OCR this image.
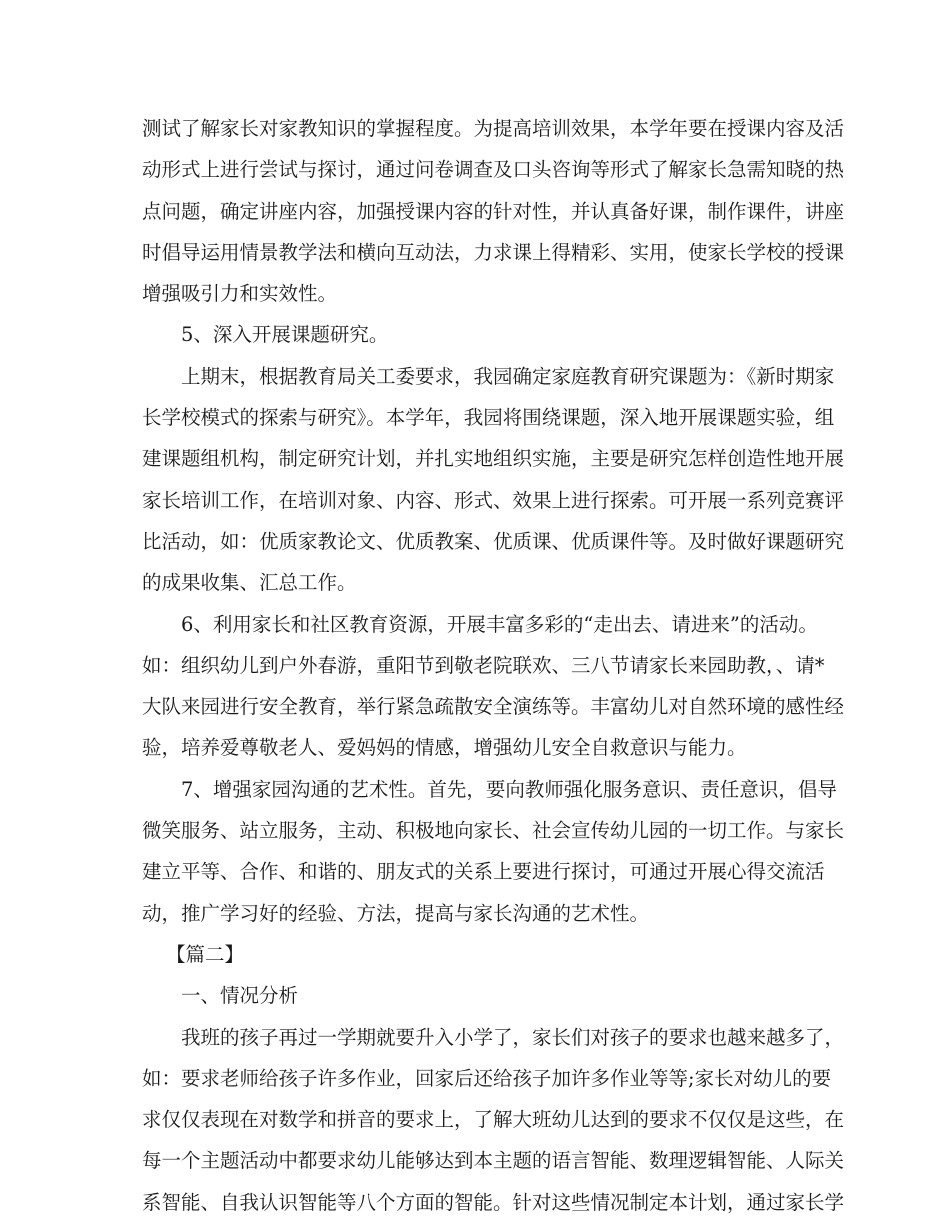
测试了解家长对家教知识的掌握程度。为提高培训效果，本学年要在授课内容及活
动形式上进行尝试与探讨，通过问卷调查及口头咨询等形式了解家长急需知晓的热
点问题，确定讲座内容，加强授课内容的针对性，并认真备好课，制作课件，讲座
时倡导运用情景教学法和横向互动法，力求课上得精彩、实用，使家长学校的授课
增强吸引力和实效性。
5、深入开展课题研究。
上期末，根据教育局关工委要求，我园确定家庭教育研究课题为：《新时期家
长学校模式的探索与研究》。本学年，我园将围绕课题，深入地开展课题实验，组
建课题组机构，制定研究计划，并扎实地组织实施，主要是研究怎样创造性地开展
家长培训工作，在培训对象、内容、形式、效果上进行探索。可开展一系列竞赛评
比活动，如：优质家教论文、优质教案、优质课、优质课件等。及时做好课题研究
的成果收集、汇总工作。
6、利用家长和社区教育资源，开展丰富多彩的“走出去、请进来”的活动。
如：组织幼儿到户外春游，重阳节到敬老院联欢、三八节请家长来园助教，、请*
大队来园进行安全教育，举行紧急疏散安全演练等。丰富幼儿对自然环境的感性经
验，培养爱尊敬老人、爱妈妈的情感，增强幼儿安全自救意识与能力。
7、增强家园沟通的艺术性。首先，要向教师强化服务意识、责任意识，倡导
微笑服务、站立服务，主动、积极地向家长、社会宣传幼儿园的一切工作。与家长
建立平等、合作、和谐的、朋友式的关系上要进行探讨，可通过开展心得交流活
动，推广学习好的经验、方法，提高与家长沟通的艺术性。
【篇二】
一、情况分析
我班的孩子再过一学期就要升入小学了，家长们对孩子的要求也越来越多了，
如：要求老师给孩子许多作业，回家后还给孩子加许多作业等等;家长对幼儿的要
求仅仅表现在对数学和拼音的要求上，了解大班幼儿达到的要求不仅仅是这些，在
每一个主题活动中都要求幼儿能够达到本主题的语言智能、数理逻辑智能、人际关
系智能、自我认识智能等八个方面的智能。针对这些情况制定本计划，通过家长学
